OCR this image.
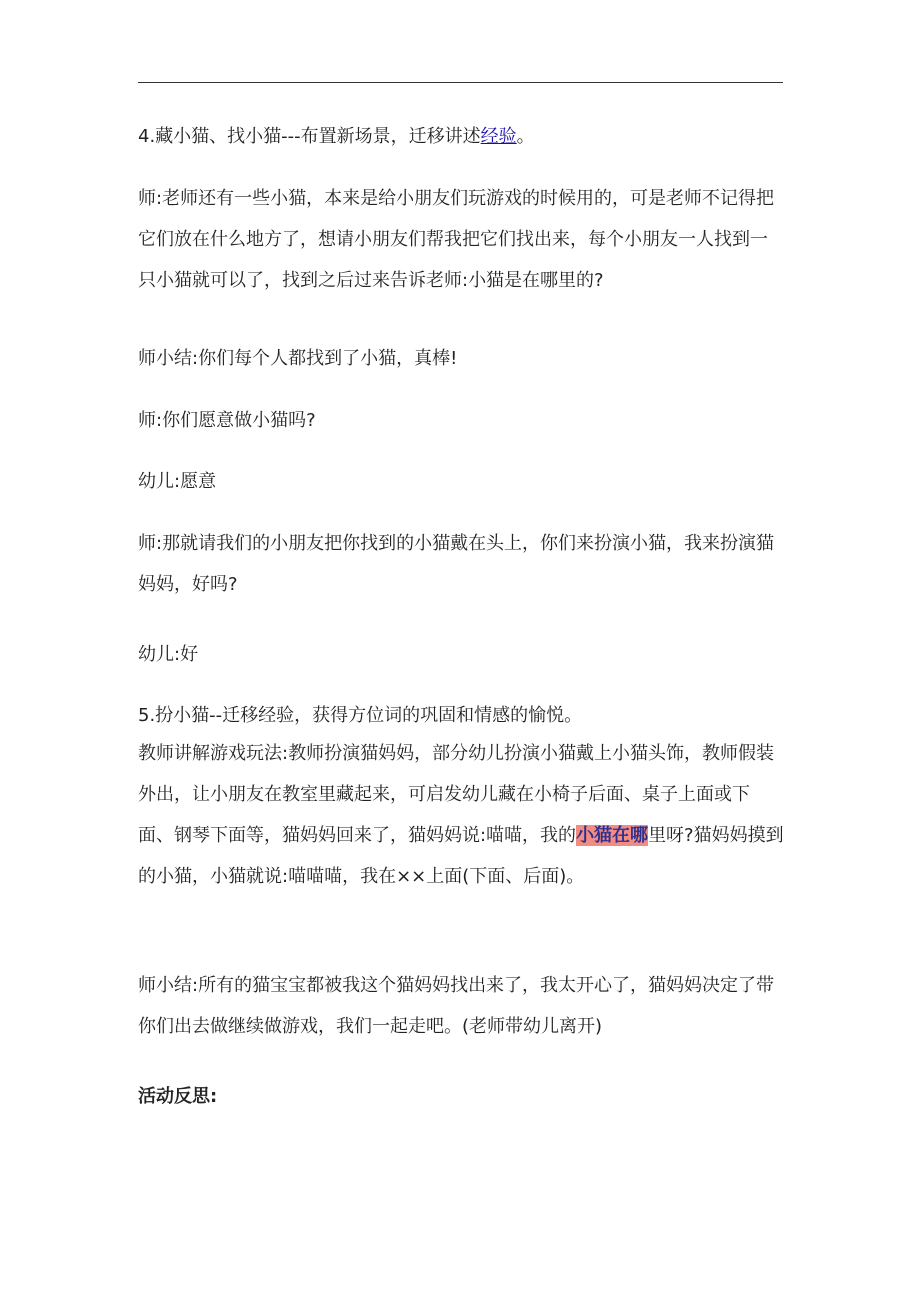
4.藏小猫、找小猫---布置新场景，迁移讲述经验。

师:老师还有一些小猫，本来是给小朋友们玩游戏的时候用的，可是老师不记得把它们放在什么地方了，想请小朋友们帮我把它们找出来，每个小朋友一人找到一只小猫就可以了，找到之后过来告诉老师:小猫是在哪里的?

师小结:你们每个人都找到了小猫，真棒!

师:你们愿意做小猫吗?

幼儿:愿意

师:那就请我们的小朋友把你找到的小猫戴在头上，你们来扮演小猫，我来扮演猫妈妈，好吗?

幼儿:好

5.扮小猫--迁移经验，获得方位词的巩固和情感的愉悦。

教师讲解游戏玩法:教师扮演猫妈妈，部分幼儿扮演小猫戴上小猫头饰，教师假装外出，让小朋友在教室里藏起来，可启发幼儿藏在小椅子后面、桌子上面或下面、钢琴下面等，猫妈妈回来了，猫妈妈说:喵喵，我的小猫在哪里呀?猫妈妈摸到的小猫，小猫就说:喵喵喵，我在××上面(下面、后面)。

师小结:所有的猫宝宝都被我这个猫妈妈找出来了，我太开心了，猫妈妈决定了带你们出去做继续做游戏，我们一起走吧。(老师带幼儿离开)

活动反思:
